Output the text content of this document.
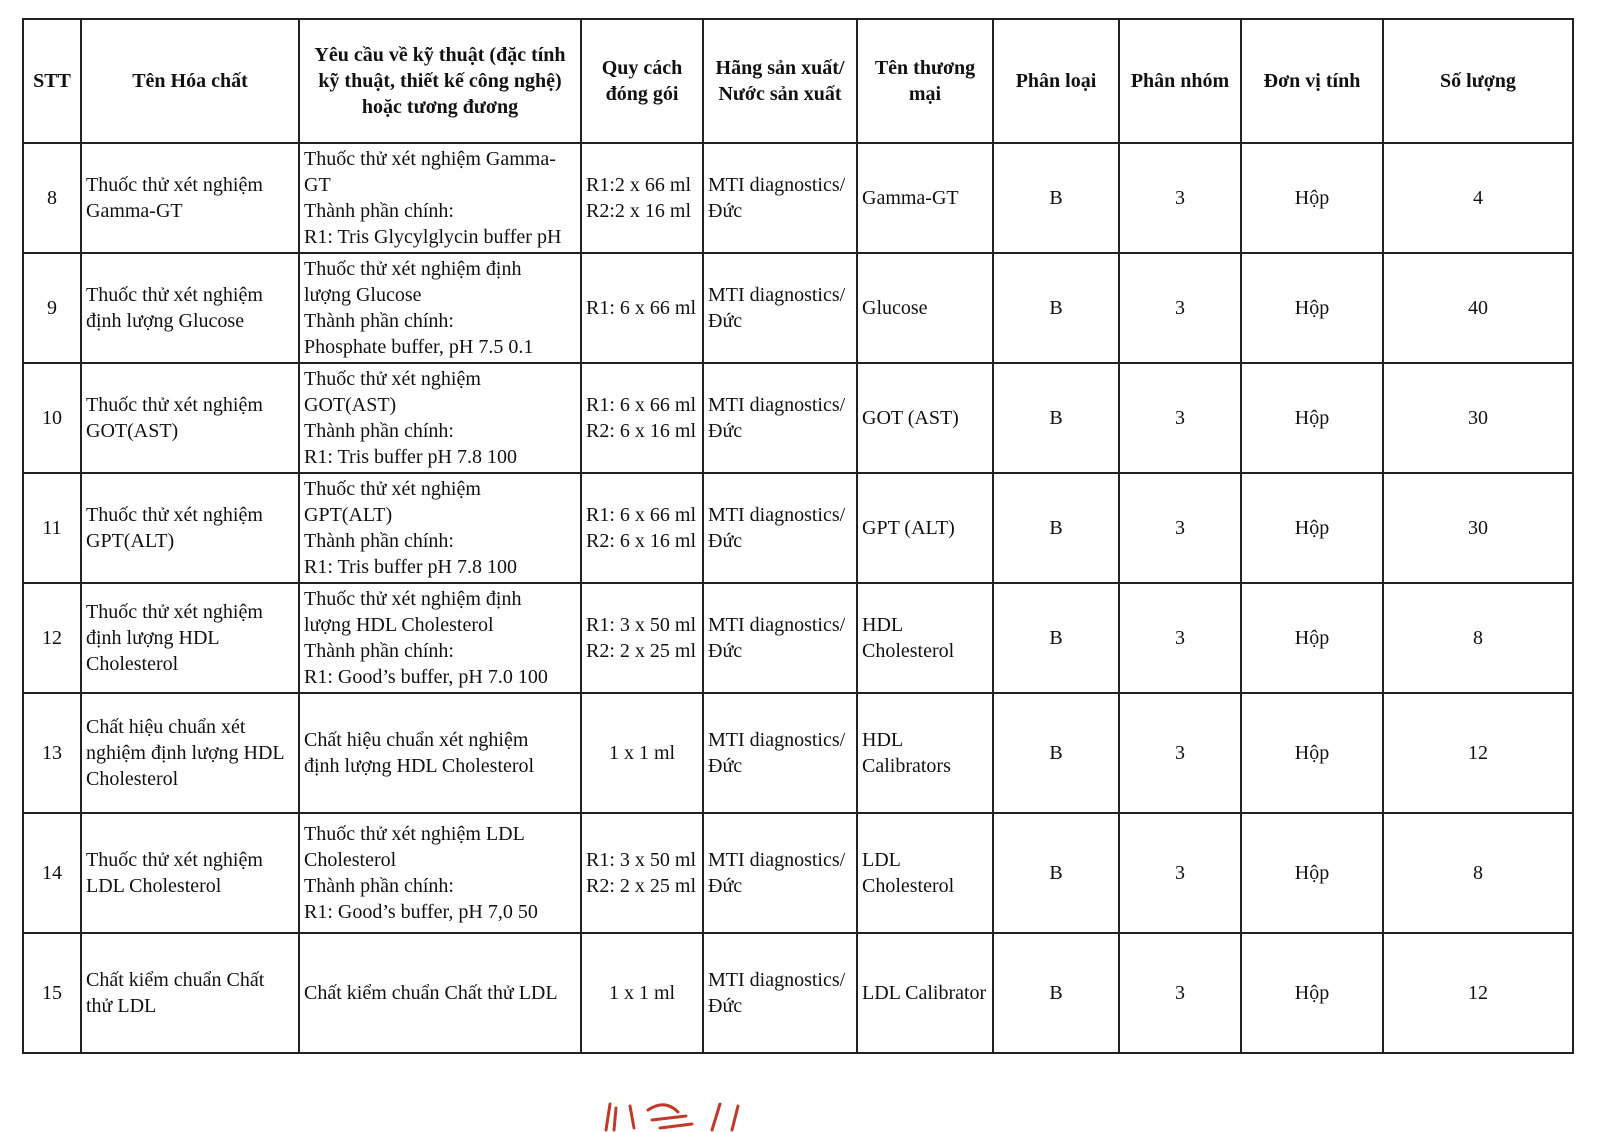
STT	Tên Hóa chất	Yêu cầu về kỹ thuật (đặc tính kỹ thuật, thiết kế công nghệ) hoặc tương đương	Quy cách đóng gói	Hãng sản xuất/ Nước sản xuất	Tên thương mại	Phân loại	Phân nhóm	Đơn vị tính	Số lượng
8	Thuốc thử xét nghiệm Gamma-GT	Thuốc thử xét nghiệm Gamma-
GT
Thành phần chính:
R1: Tris Glycylglycin buffer pH	R1:2 x 66 ml
R2:2 x 16 ml	MTI diagnostics/ Đức	Gamma-GT	B	3	Hộp	4
9	Thuốc thử xét nghiệm định lượng Glucose	Thuốc thử xét nghiệm định
lượng Glucose
Thành phần chính:
Phosphate buffer, pH 7.5 0.1	R1: 6 x 66 ml	MTI diagnostics/ Đức	Glucose	B	3	Hộp	40
10	Thuốc thử xét nghiệm GOT(AST)	Thuốc thử xét nghiệm
GOT(AST)
Thành phần chính:
R1: Tris buffer pH 7.8 100	R1: 6 x 66 ml
R2: 6 x 16 ml	MTI diagnostics/ Đức	GOT (AST)	B	3	Hộp	30
11	Thuốc thử xét nghiệm GPT(ALT)	Thuốc thử xét nghiệm
GPT(ALT)
Thành phần chính:
R1: Tris buffer pH 7.8 100	R1: 6 x 66 ml
R2: 6 x 16 ml	MTI diagnostics/ Đức	GPT (ALT)	B	3	Hộp	30
12	Thuốc thử xét nghiệm định lượng HDL Cholesterol	Thuốc thử xét nghiệm định
lượng HDL Cholesterol
Thành phần chính:
R1: Good’s buffer, pH 7.0 100	R1: 3 x 50 ml
R2: 2 x 25 ml	MTI diagnostics/ Đức	HDL Cholesterol	B	3	Hộp	8
13	Chất hiệu chuẩn xét nghiệm định lượng HDL Cholesterol	Chất hiệu chuẩn xét nghiệm
định lượng HDL Cholesterol	1 x 1 ml	MTI diagnostics/ Đức	HDL Calibrators	B	3	Hộp	12
14	Thuốc thử xét nghiệm LDL Cholesterol	Thuốc thử xét nghiệm LDL
Cholesterol
Thành phần chính:
R1: Good’s buffer, pH 7,0 50	R1: 3 x 50 ml
R2: 2 x 25 ml	MTI diagnostics/ Đức	LDL Cholesterol	B	3	Hộp	8
15	Chất kiểm chuẩn Chất thử LDL	Chất kiểm chuẩn Chất thử LDL	1 x 1 ml	MTI diagnostics/ Đức	LDL Calibrator	B	3	Hộp	12
